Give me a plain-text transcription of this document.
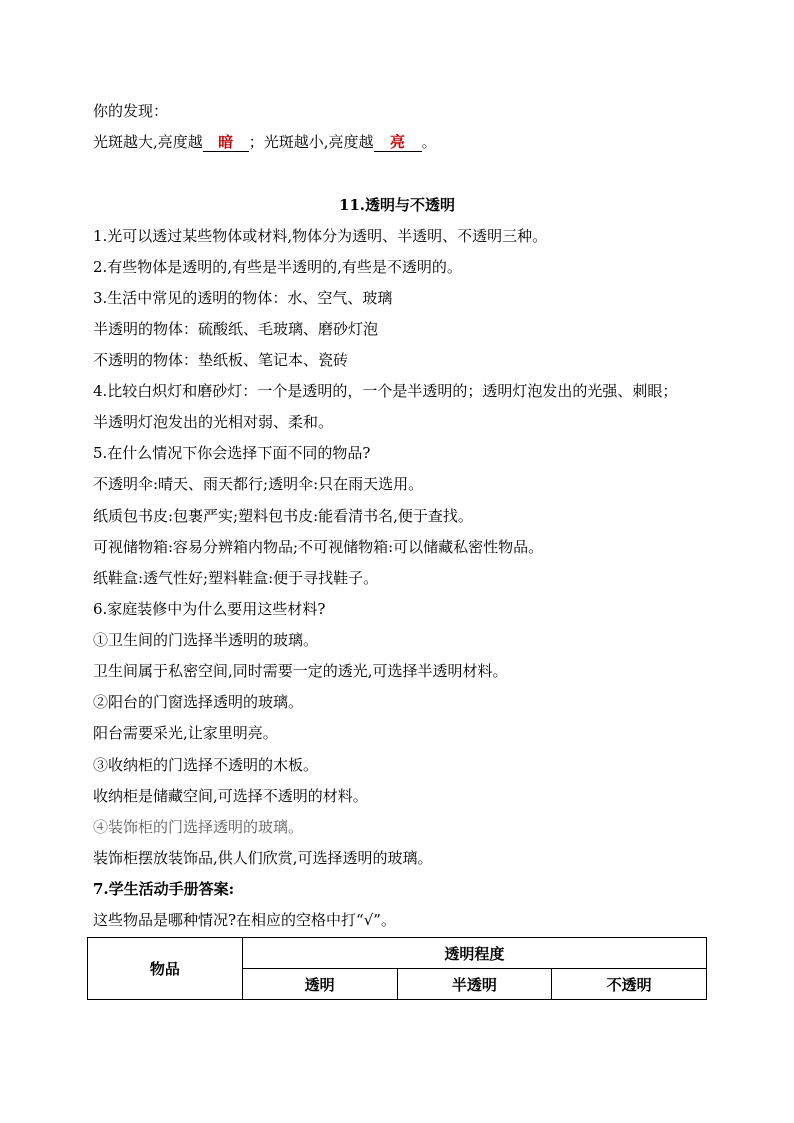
你的发现：
光斑越大,亮度越 暗 ；光斑越小,亮度越 亮 。
11.透明与不透明
1.光可以透过某些物体或材料,物体分为透明、半透明、不透明三种。
2.有些物体是透明的,有些是半透明的,有些是不透明的。
3.生活中常见的透明的物体：水、空气、玻璃
半透明的物体：硫酸纸、毛玻璃、磨砂灯泡
不透明的物体：垫纸板、笔记本、瓷砖
4.比较白炽灯和磨砂灯：一个是透明的，一个是半透明的；透明灯泡发出的光强、刺眼；
半透明灯泡发出的光相对弱、柔和。
5.在什么情况下你会选择下面不同的物品?
不透明伞:晴天、雨天都行;透明伞:只在雨天选用。
纸质包书皮:包裹严实;塑料包书皮:能看清书名,便于查找。
可视储物箱:容易分辨箱内物品;不可视储物箱:可以储藏私密性物品。
纸鞋盒:透气性好;塑料鞋盒:便于寻找鞋子。
6.家庭装修中为什么要用这些材料?
①卫生间的门选择半透明的玻璃。
卫生间属于私密空间,同时需要一定的透光,可选择半透明材料。
②阳台的门窗选择透明的玻璃。
阳台需要采光,让家里明亮。
③收纳柜的门选择不透明的木板。
收纳柜是储藏空间,可选择不透明的材料。
④装饰柜的门选择透明的玻璃。
装饰柜摆放装饰品,供人们欣赏,可选择透明的玻璃。
7.学生活动手册答案:
这些物品是哪种情况?在相应的空格中打“√”。
物品	透明程度		
	透明	半透明	不透明
